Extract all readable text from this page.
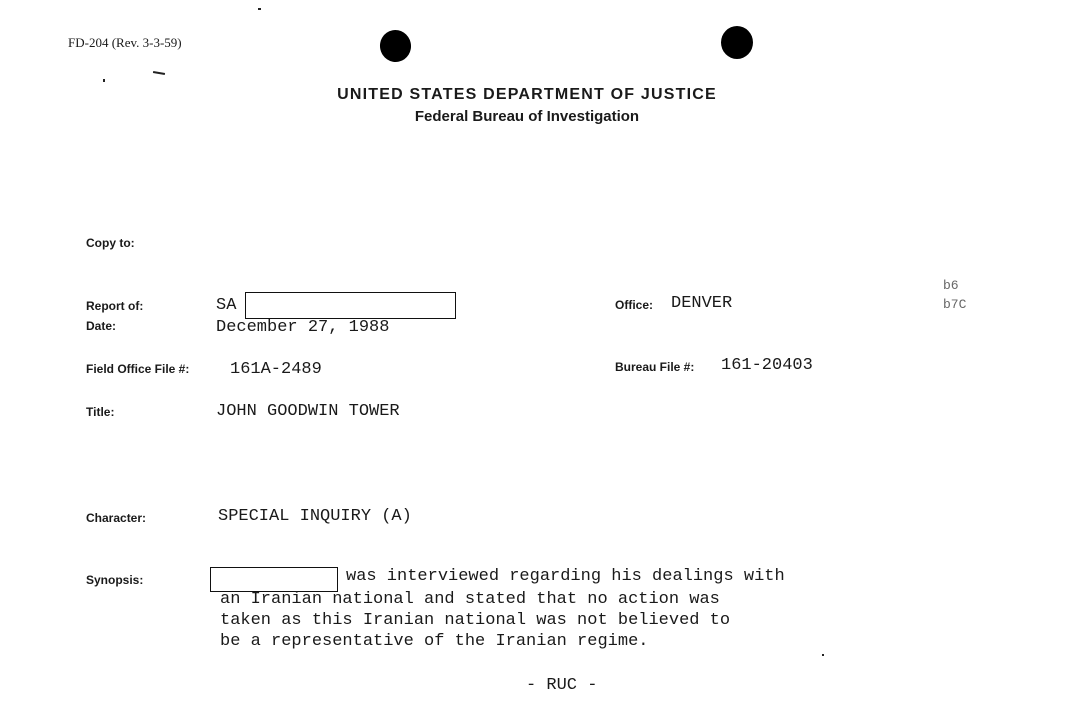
FD-204 (Rev. 3-3-59)
UNITED STATES DEPARTMENT OF JUSTICE
Federal Bureau of Investigation
Copy to:
Report of:	SA
Date:	December 27, 1988
Office: DENVER
b6
b7C
Field Office File #: 161A-2489	Bureau File #: 161-20403
Title:	JOHN GOODWIN TOWER
Character:	SPECIAL INQUIRY (A)
Synopsis:	was interviewed regarding his dealings with
an Iranian national and stated that no action was
taken as this Iranian national was not believed to
be a representative of the Iranian regime.
- RUC -
